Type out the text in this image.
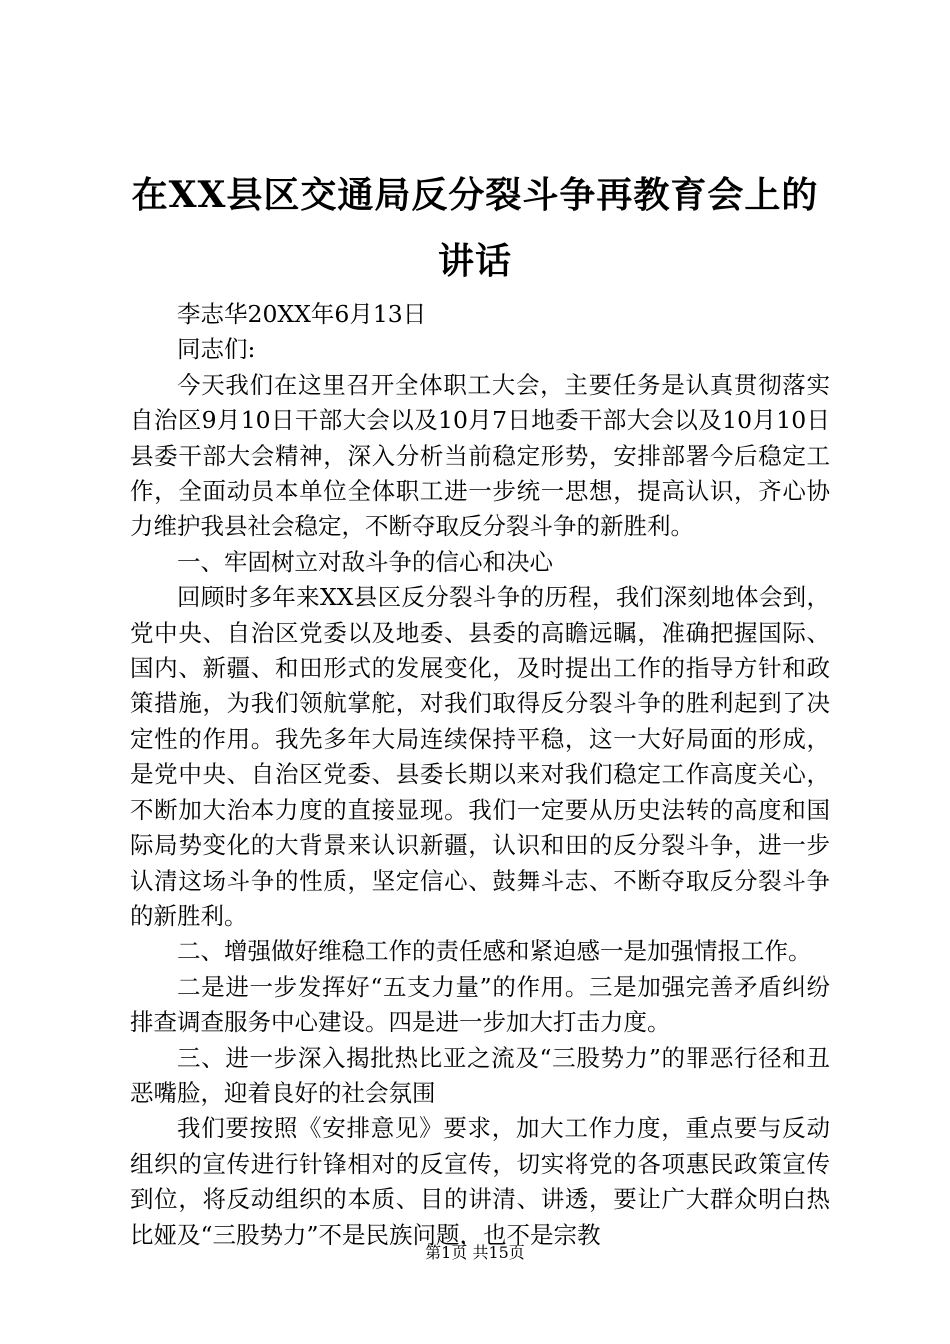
在XX县区交通局反分裂斗争再教育会上的讲话

李志华20XX年6月13日

同志们:

今天我们在这里召开全体职工大会，主要任务是认真贯彻落实自治区9月10日干部大会以及10月7日地委干部大会以及10月10日县委干部大会精神，深入分析当前稳定形势，安排部署今后稳定工作，全面动员本单位全体职工进一步统一思想，提高认识，齐心协力维护我县社会稳定，不断夺取反分裂斗争的新胜利。

一、牢固树立对敌斗争的信心和决心

回顾时多年来XX县区反分裂斗争的历程，我们深刻地体会到，党中央、自治区党委以及地委、县委的高瞻远瞩，准确把握国际、国内、新疆、和田形式的发展变化，及时提出工作的指导方针和政策措施，为我们领航掌舵，对我们取得反分裂斗争的胜利起到了决定性的作用。我先多年大局连续保持平稳，这一大好局面的形成，是党中央、自治区党委、县委长期以来对我们稳定工作高度关心，不断加大治本力度的直接显现。我们一定要从历史法转的高度和国际局势变化的大背景来认识新疆，认识和田的反分裂斗争，进一步认清这场斗争的性质，坚定信心、鼓舞斗志、不断夺取反分裂斗争的新胜利。

二、增强做好维稳工作的责任感和紧迫感一是加强情报工作。

二是进一步发挥好“五支力量”的作用。三是加强完善矛盾纠纷排查调查服务中心建设。四是进一步加大打击力度。

三、进一步深入揭批热比亚之流及“三股势力”的罪恶行径和丑恶嘴脸，迎着良好的社会氛围

我们要按照《安排意见》要求，加大工作力度，重点要与反动组织的宣传进行针锋相对的反宣传，切实将党的各项惠民政策宣传到位，将反动组织的本质、目的讲清、讲透，要让广大群众明白热比娅及“三股势力”不是民族问题，也不是宗教

第1页 共15页
